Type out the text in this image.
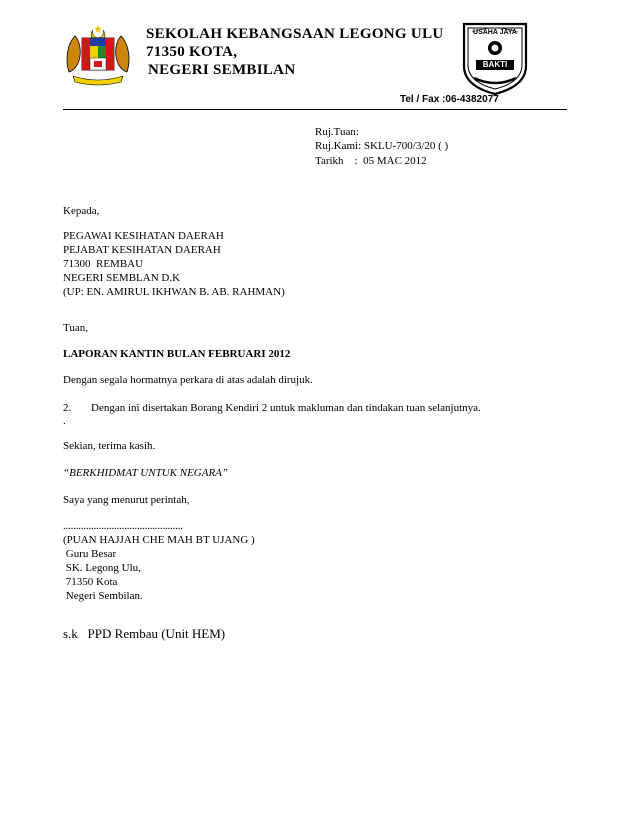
SEKOLAH KEBANGSAAN LEGONG ULU
71350 KOTA,
NEGERI SEMBILAN
USAHA JAYA
BAKTI
Tel / Fax :06-4382077
Ruj.Tuan:
Ruj.Kami: SKLU-700/3/20 ( )
Tarikh    :  05 MAC 2012
Kepada,
PEGAWAI KESIHATAN DAERAH
PEJABAT KESIHATAN DAERAH
71300  REMBAU
NEGERI SEMBLAN D.K
(UP: EN. AMIRUL IKHWAN B. AB. RAHMAN)
Tuan,
LAPORAN KANTIN BULAN FEBRUARI 2012
Dengan segala hormatnya perkara di atas adalah dirujuk.
2. Dengan ini disertakan Borang Kendiri 2 untuk makluman dan tindakan tuan selanjutnya.
.
Sekian, terima kasih.
“BERKHIDMAT UNTUK NEGARA”
Saya yang menurut perintah,
...............................................
(PUAN HAJJAH CHE MAH BT UJANG )
Guru Besar
SK. Legong Ulu,
71350 Kota
Negeri Sembilan.
s.k   PPD Rembau (Unit HEM)
